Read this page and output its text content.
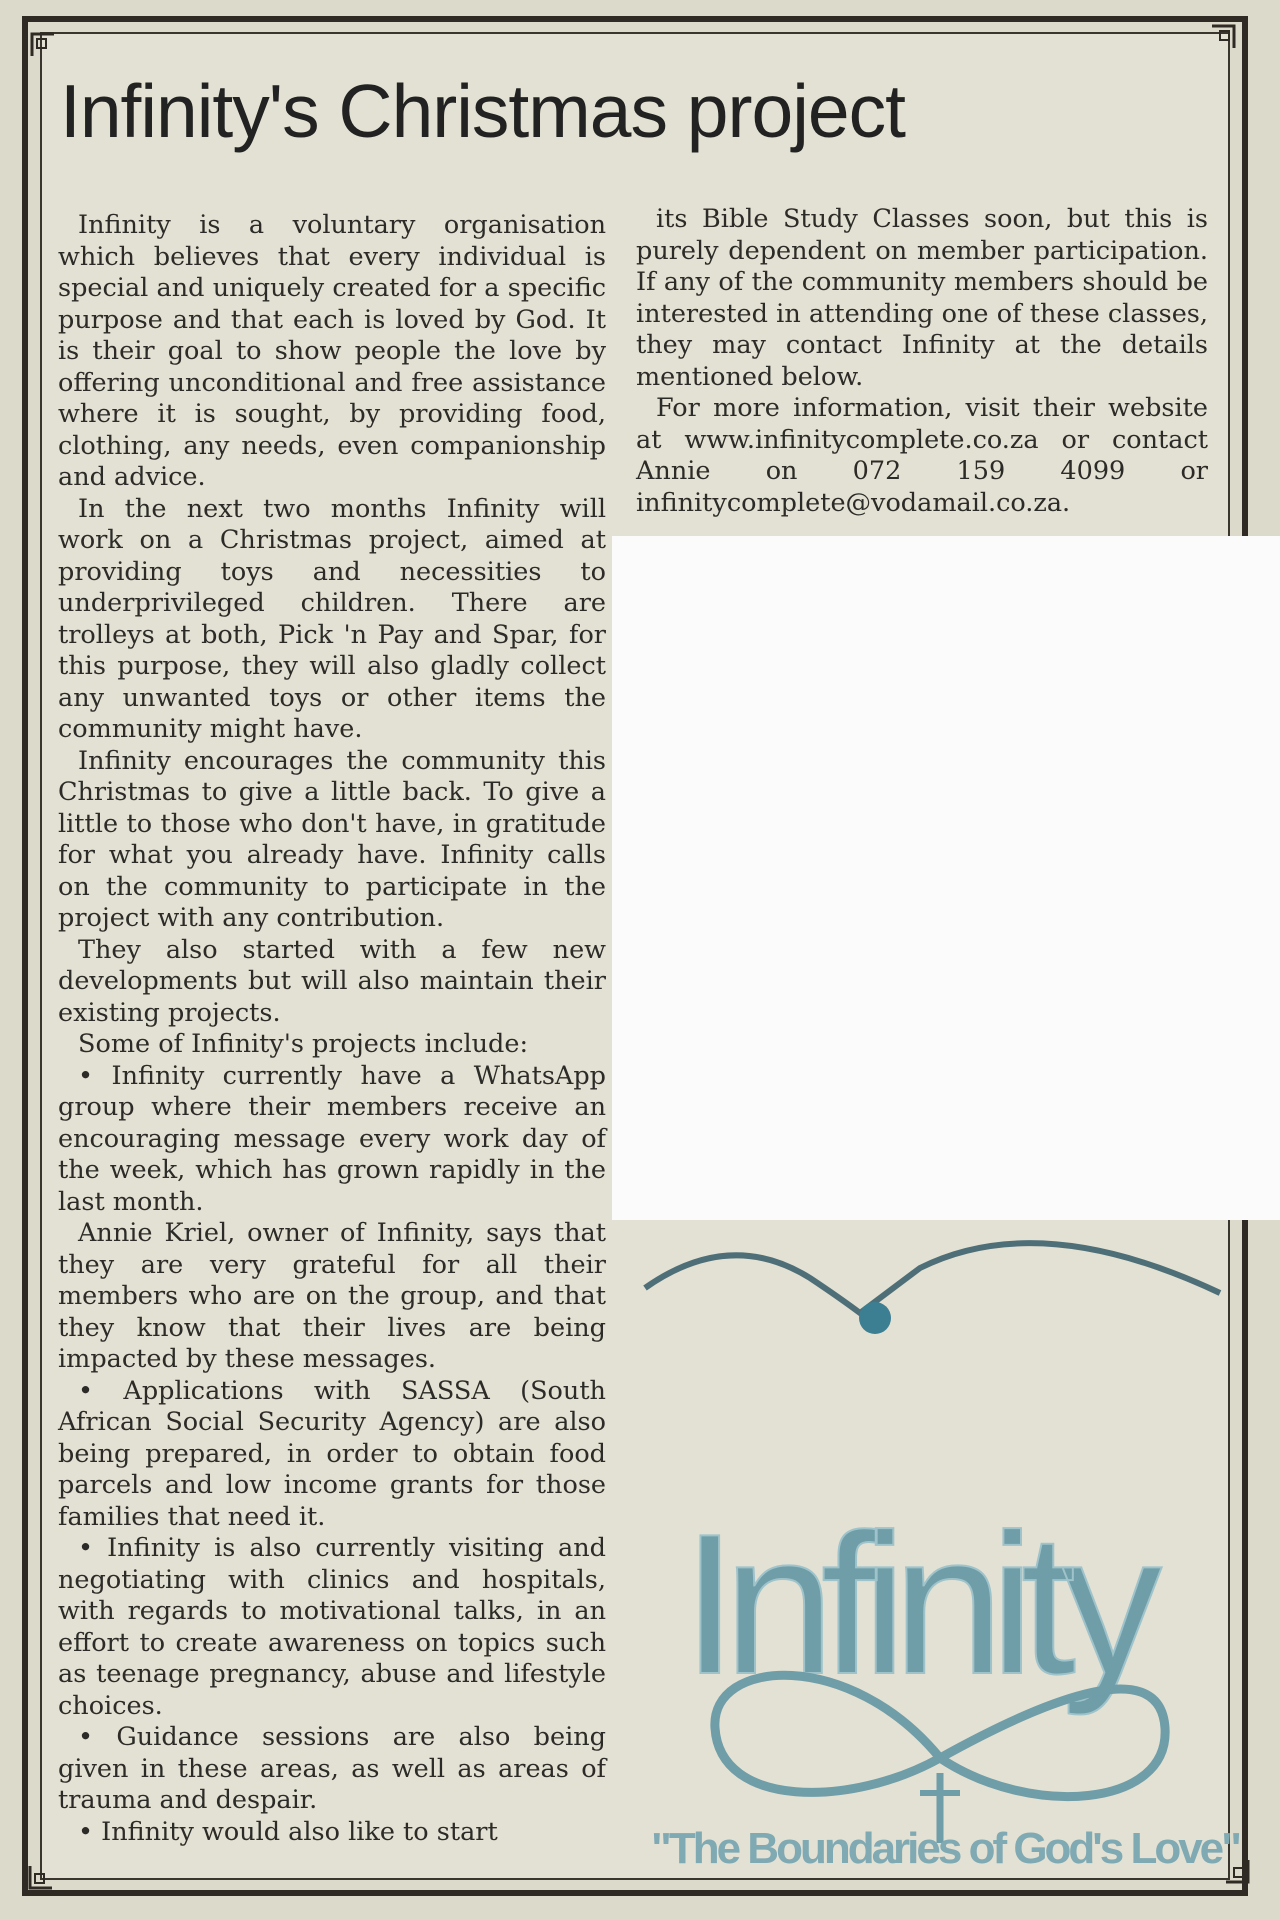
Infinity's Christmas project

Infinity is a voluntary organisation which believes that every individual is special and uniquely created for a specific purpose and that each is loved by God. It is their goal to show people the love by offering unconditional and free assistance where it is sought, by providing food, clothing, any needs, even companionship and advice.

In the next two months Infinity will work on a Christmas project, aimed at providing toys and necessities to underprivileged children. There are trolleys at both, Pick 'n Pay and Spar, for this purpose, they will also gladly collect any unwanted toys or other items the community might have.

Infinity encourages the community this Christmas to give a little back. To give a little to those who don't have, in gratitude for what you already have. Infinity calls on the community to participate in the project with any contribution.

They also started with a few new developments but will also maintain their existing projects.

Some of Infinity's projects include:

• Infinity currently have a WhatsApp group where their members receive an encouraging message every work day of the week, which has grown rapidly in the last month.

Annie Kriel, owner of Infinity, says that they are very grateful for all their members who are on the group, and that they know that their lives are being impacted by these messages.

• Applications with SASSA (South African Social Security Agency) are also being prepared, in order to obtain food parcels and low income grants for those families that need it.

• Infinity is also currently visiting and negotiating with clinics and hospitals, with regards to motivational talks, in an effort to create awareness on topics such as teenage pregnancy, abuse and lifestyle choices.

• Guidance sessions are also being given in these areas, as well as areas of trauma and despair.

• Infinity would also like to start

its Bible Study Classes soon, but this is purely dependent on member participation. If any of the community members should be interested in attending one of these classes, they may contact Infinity at the details mentioned below.

For more information, visit their website at www.infinitycomplete.co.za or contact Annie on 072 159 4099 or infinitycomplete@vodamail.co.za.

Infinity
"The Boundaries of God's Love"
